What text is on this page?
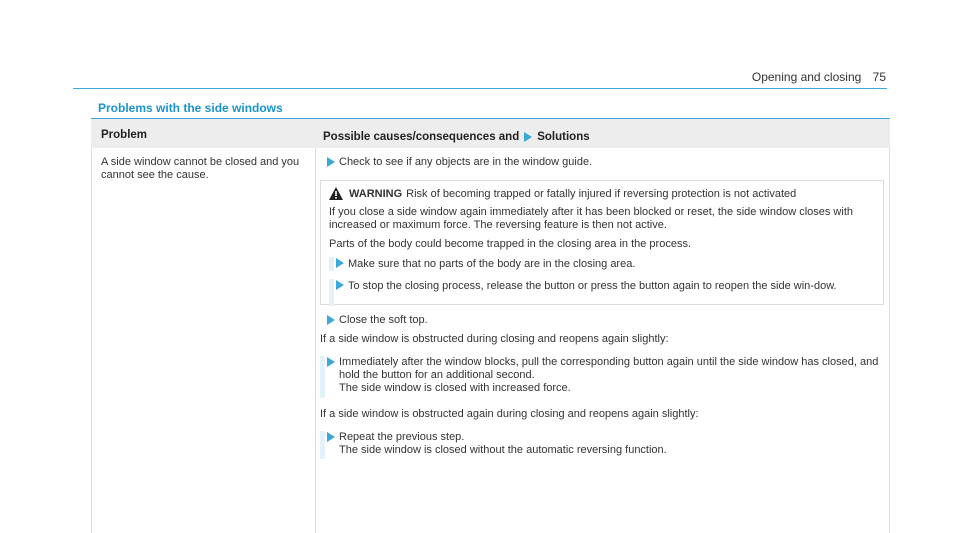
Opening and closing 75
Problems with the side windows
Problem	Possible causes/consequences and Solutions
A side window cannot be closed and you cannot see the cause.
Check to see if any objects are in the window guide.
WARNING Risk of becoming trapped or fatally injured if reversing protection is not activated

If you close a side window again immediately after it has been blocked or reset, the side window closes with increased or maximum force. The reversing feature is then not active.

Parts of the body could become trapped in the closing area in the process.

Make sure that no parts of the body are in the closing area.
To stop the closing process, release the button or press the button again to reopen the side win-dow.
Close the soft top.
If a side window is obstructed during closing and reopens again slightly:
Immediately after the window blocks, pull the corresponding button again until the side window has closed, and hold the button for an additional second.
The side window is closed with increased force.
If a side window is obstructed again during closing and reopens again slightly:
Repeat the previous step.
The side window is closed without the automatic reversing function.
